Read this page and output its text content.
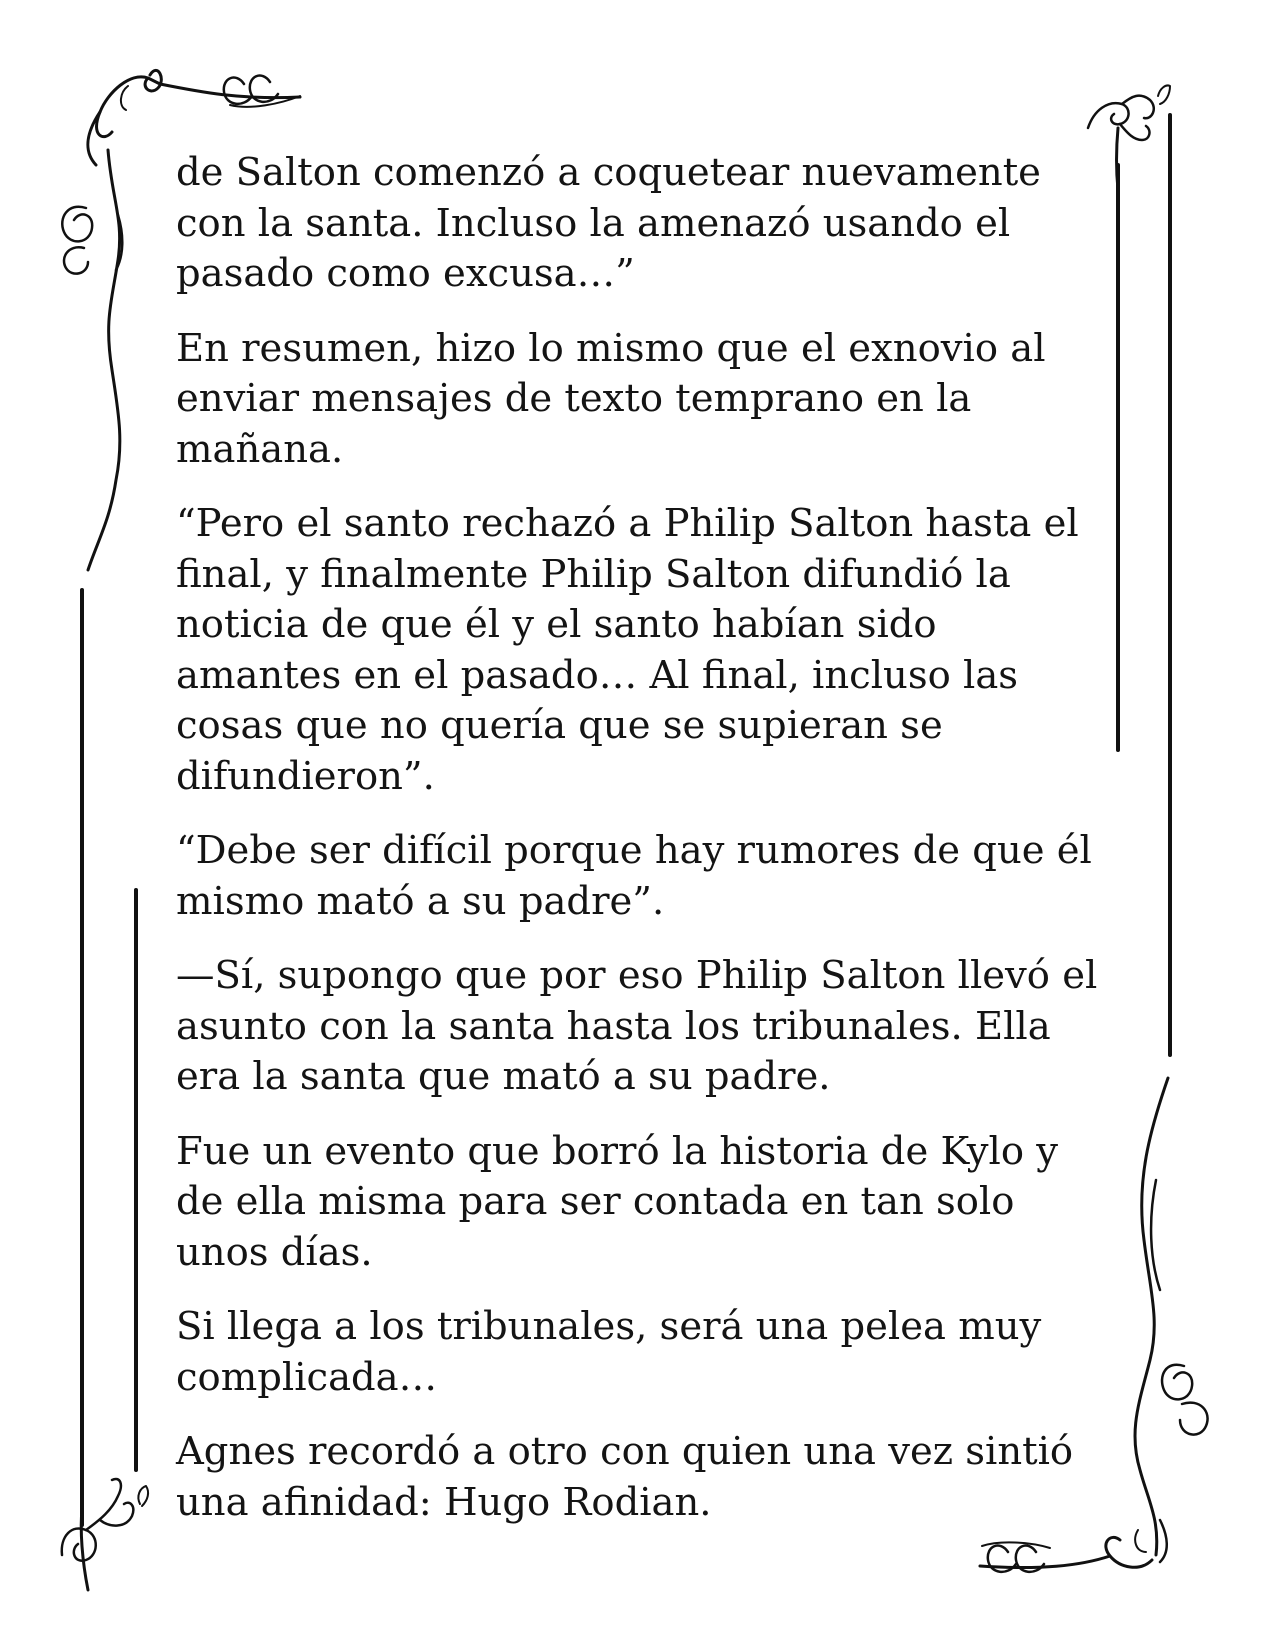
de Salton comenzó a coquetear nuevamente con la santa. Incluso la amenazó usando el pasado como excusa…”

En resumen, hizo lo mismo que el exnovio al enviar mensajes de texto temprano en la mañana.

“Pero el santo rechazó a Philip Salton hasta el final, y finalmente Philip Salton difundió la noticia de que él y el santo habían sido amantes en el pasado… Al final, incluso las cosas que no quería que se supieran se difundieron”.

“Debe ser difícil porque hay rumores de que él mismo mató a su padre”.

—Sí, supongo que por eso Philip Salton llevó el asunto con la santa hasta los tribunales. Ella era la santa que mató a su padre.

Fue un evento que borró la historia de Kylo y de ella misma para ser contada en tan solo unos días.

Si llega a los tribunales, será una pelea muy complicada…

Agnes recordó a otro con quien una vez sintió una afinidad: Hugo Rodian.
